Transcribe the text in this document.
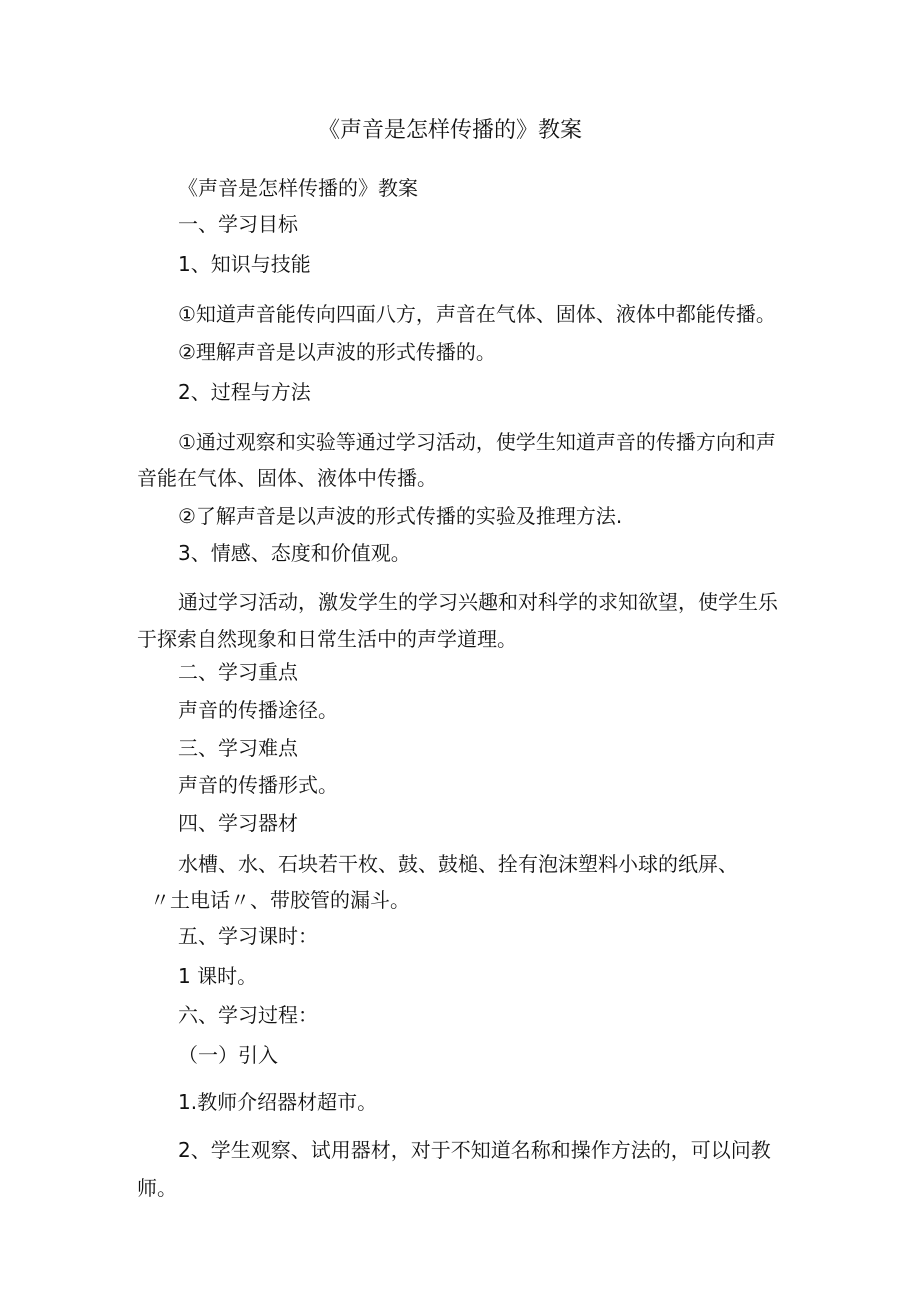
《声音是怎样传播的》教案
《声音是怎样传播的》教案
一、学习目标
1、知识与技能
①知道声音能传向四面八方，声音在气体、固体、液体中都能传播。
②理解声音是以声波的形式传播的。
2、过程与方法
①通过观察和实验等通过学习活动，使学生知道声音的传播方向和声
音能在气体、固体、液体中传播。
②了解声音是以声波的形式传播的实验及推理方法.
3、情感、态度和价值观。
通过学习活动，激发学生的学习兴趣和对科学的求知欲望，使学生乐
于探索自然现象和日常生活中的声学道理。
二、学习重点
声音的传播途径。
三、学习难点
声音的传播形式。
四、学习器材
水槽、水、石块若干枚、鼓、鼓槌、拴有泡沫塑料小球的纸屏、
〃土电话〃、带胶管的漏斗。
五、学习课时：
1 课时。
六、学习过程：
（一）引入
1.教师介绍器材超市。
2、学生观察、试用器材，对于不知道名称和操作方法的，可以问教
师。
